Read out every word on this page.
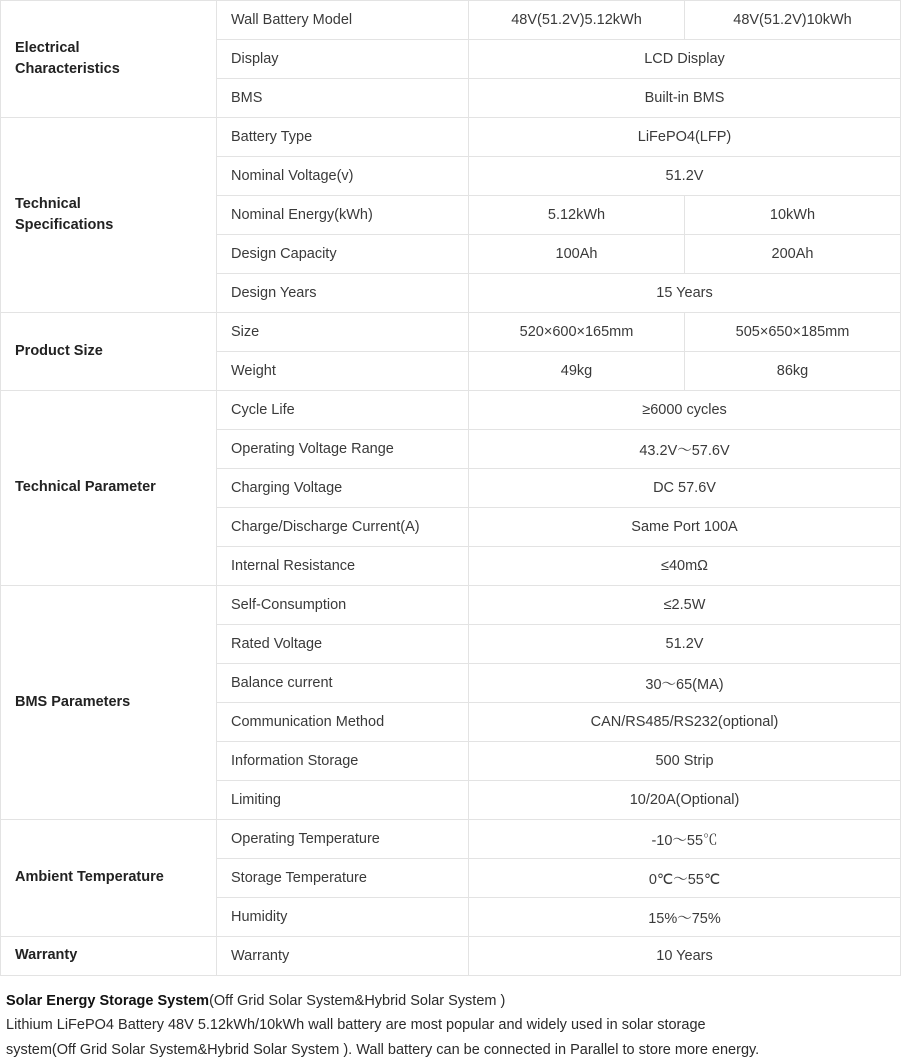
Electrical
Characteristics	Wall Battery Model	48V(51.2V)5.12kWh	48V(51.2V)10kWh
	Display	LCD Display	
	BMS	Built-in BMS	
Technical
Specifications	Battery Type	LiFePO4(LFP)	
	Nominal Voltage(v)	51.2V	
	Nominal Energy(kWh)	5.12kWh	10kWh
	Design Capacity	100Ah	200Ah
	Design Years	15 Years	
Product Size	Size	520×600×165mm	505×650×185mm
	Weight	49kg	86kg
Technical Parameter	Cycle Life	≥6000 cycles	
	Operating Voltage Range	43.2V～57.6V	
	Charging Voltage	DC 57.6V	
	Charge/Discharge Current(A)	Same Port 100A	
	Internal Resistance	≤40mΩ	
BMS Parameters	Self-Consumption	≤2.5W	
	Rated Voltage	51.2V	
	Balance current	30～65(MA)	
	Communication Method	CAN/RS485/RS232(optional)	
	Information Storage	500 Strip	
	Limiting	10/20A(Optional)	
Ambient Temperature	Operating Temperature	-10～55℃	
	Storage Temperature	0℃～55℃	
	Humidity	15%～75%	
Warranty	Warranty	10 Years	

Solar Energy Storage System(Off Grid Solar System&Hybrid Solar System )

Lithium LiFePO4 Battery 48V 5.12kWh/10kWh wall battery are most popular and widely used in solar storage

system(Off Grid Solar System&Hybrid Solar System ). Wall battery can be connected in Parallel to store more energy.
